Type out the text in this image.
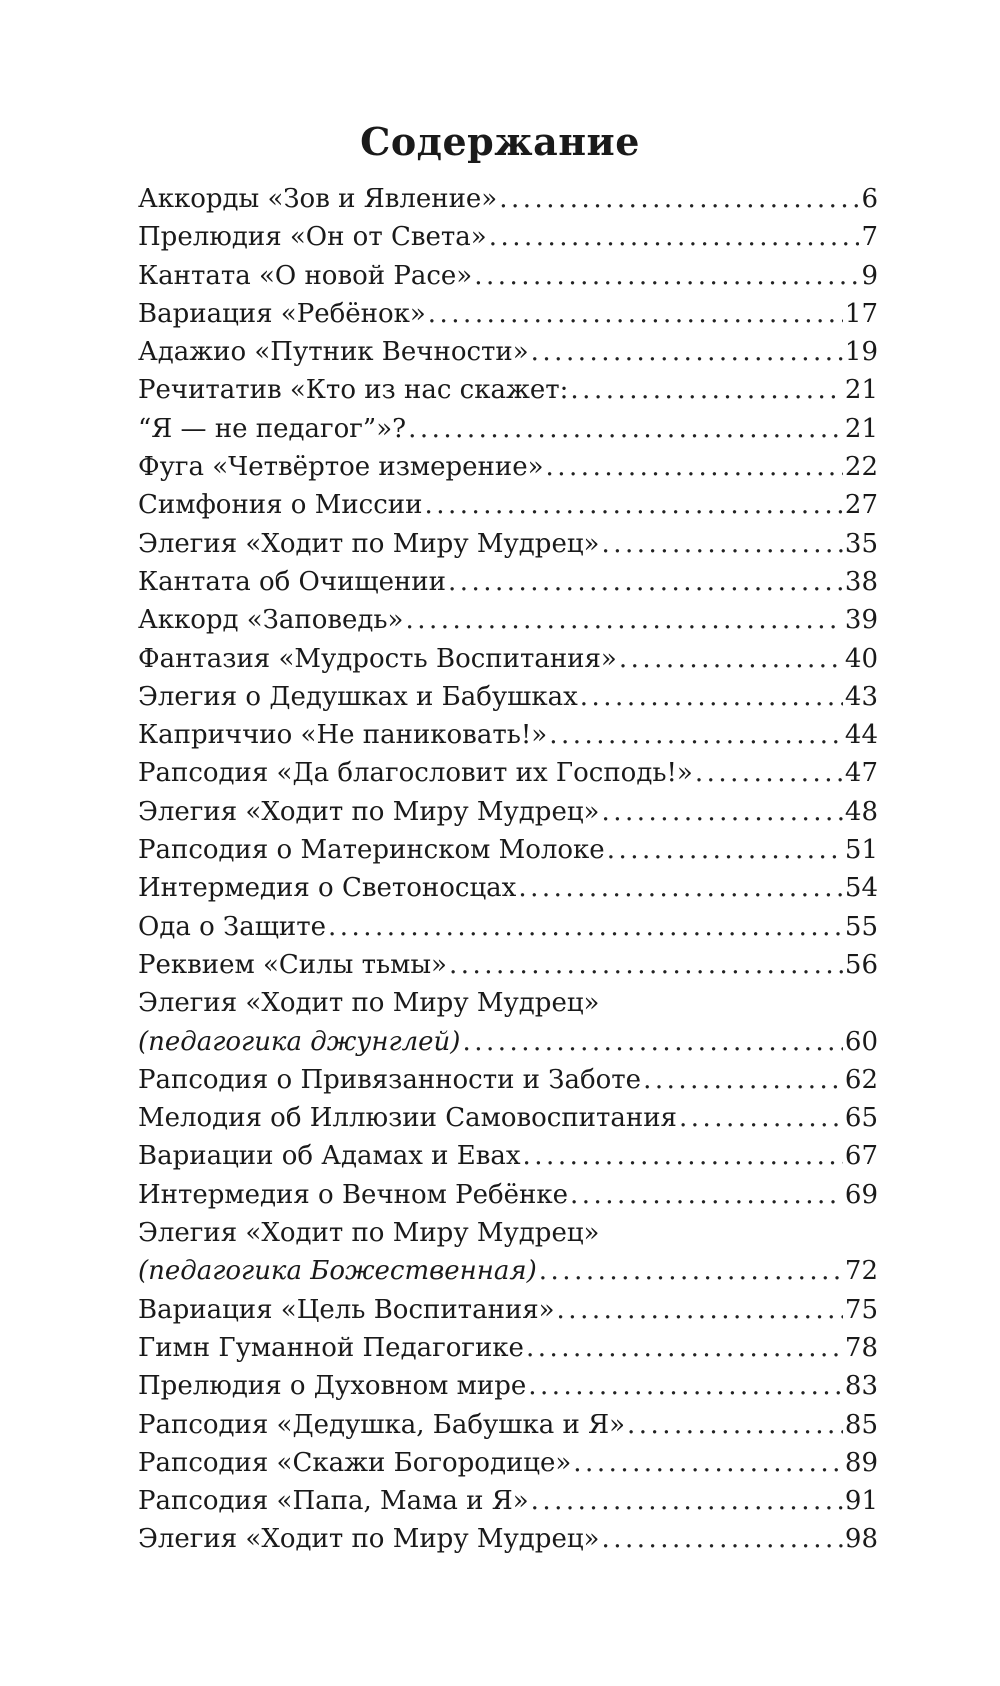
Содержание
Аккорды «Зов и Явление» .....	6
Прелюдия «Он от Света» .....	7
Кантата «О новой Расе» .....	9
Вариация «Ребёнок» .....	17
Адажио «Путник Вечности» .....	19
Речитатив «Кто из нас скажет: .....	21
“Я — не педагог”»? .....	21
Фуга «Четвёртое измерение» .....	22
Симфония о Миссии .....	27
Элегия «Ходит по Миру Мудрец» .....	35
Кантата об Очищении .....	38
Аккорд «Заповедь» .....	39
Фантазия «Мудрость Воспитания» .....	40
Элегия о Дедушках и Бабушках .....	43
Каприччио «Не паниковать!» .....	44
Рапсодия «Да благословит их Господь!» .....	47
Элегия «Ходит по Миру Мудрец» .....	48
Рапсодия о Материнском Молоке .....	51
Интермедия о Светоносцах .....	54
Ода о Защите .....	55
Реквием «Силы тьмы» .....	56
Элегия «Ходит по Миру Мудрец»
(педагогика джунглей) .....	60
Рапсодия о Привязанности и Заботе .....	62
Мелодия об Иллюзии Самовоспитания .....	65
Вариации об Адамах и Евах .....	67
Интермедия о Вечном Ребёнке .....	69
Элегия «Ходит по Миру Мудрец»
(педагогика Божественная) .....	72
Вариация «Цель Воспитания» .....	75
Гимн Гуманной Педагогике .....	78
Прелюдия о Духовном мире .....	83
Рапсодия «Дедушка, Бабушка и Я» .....	85
Рапсодия «Скажи Богородице» .....	89
Рапсодия «Папа, Мама и Я» .....	91
Элегия «Ходит по Миру Мудрец» .....	98
